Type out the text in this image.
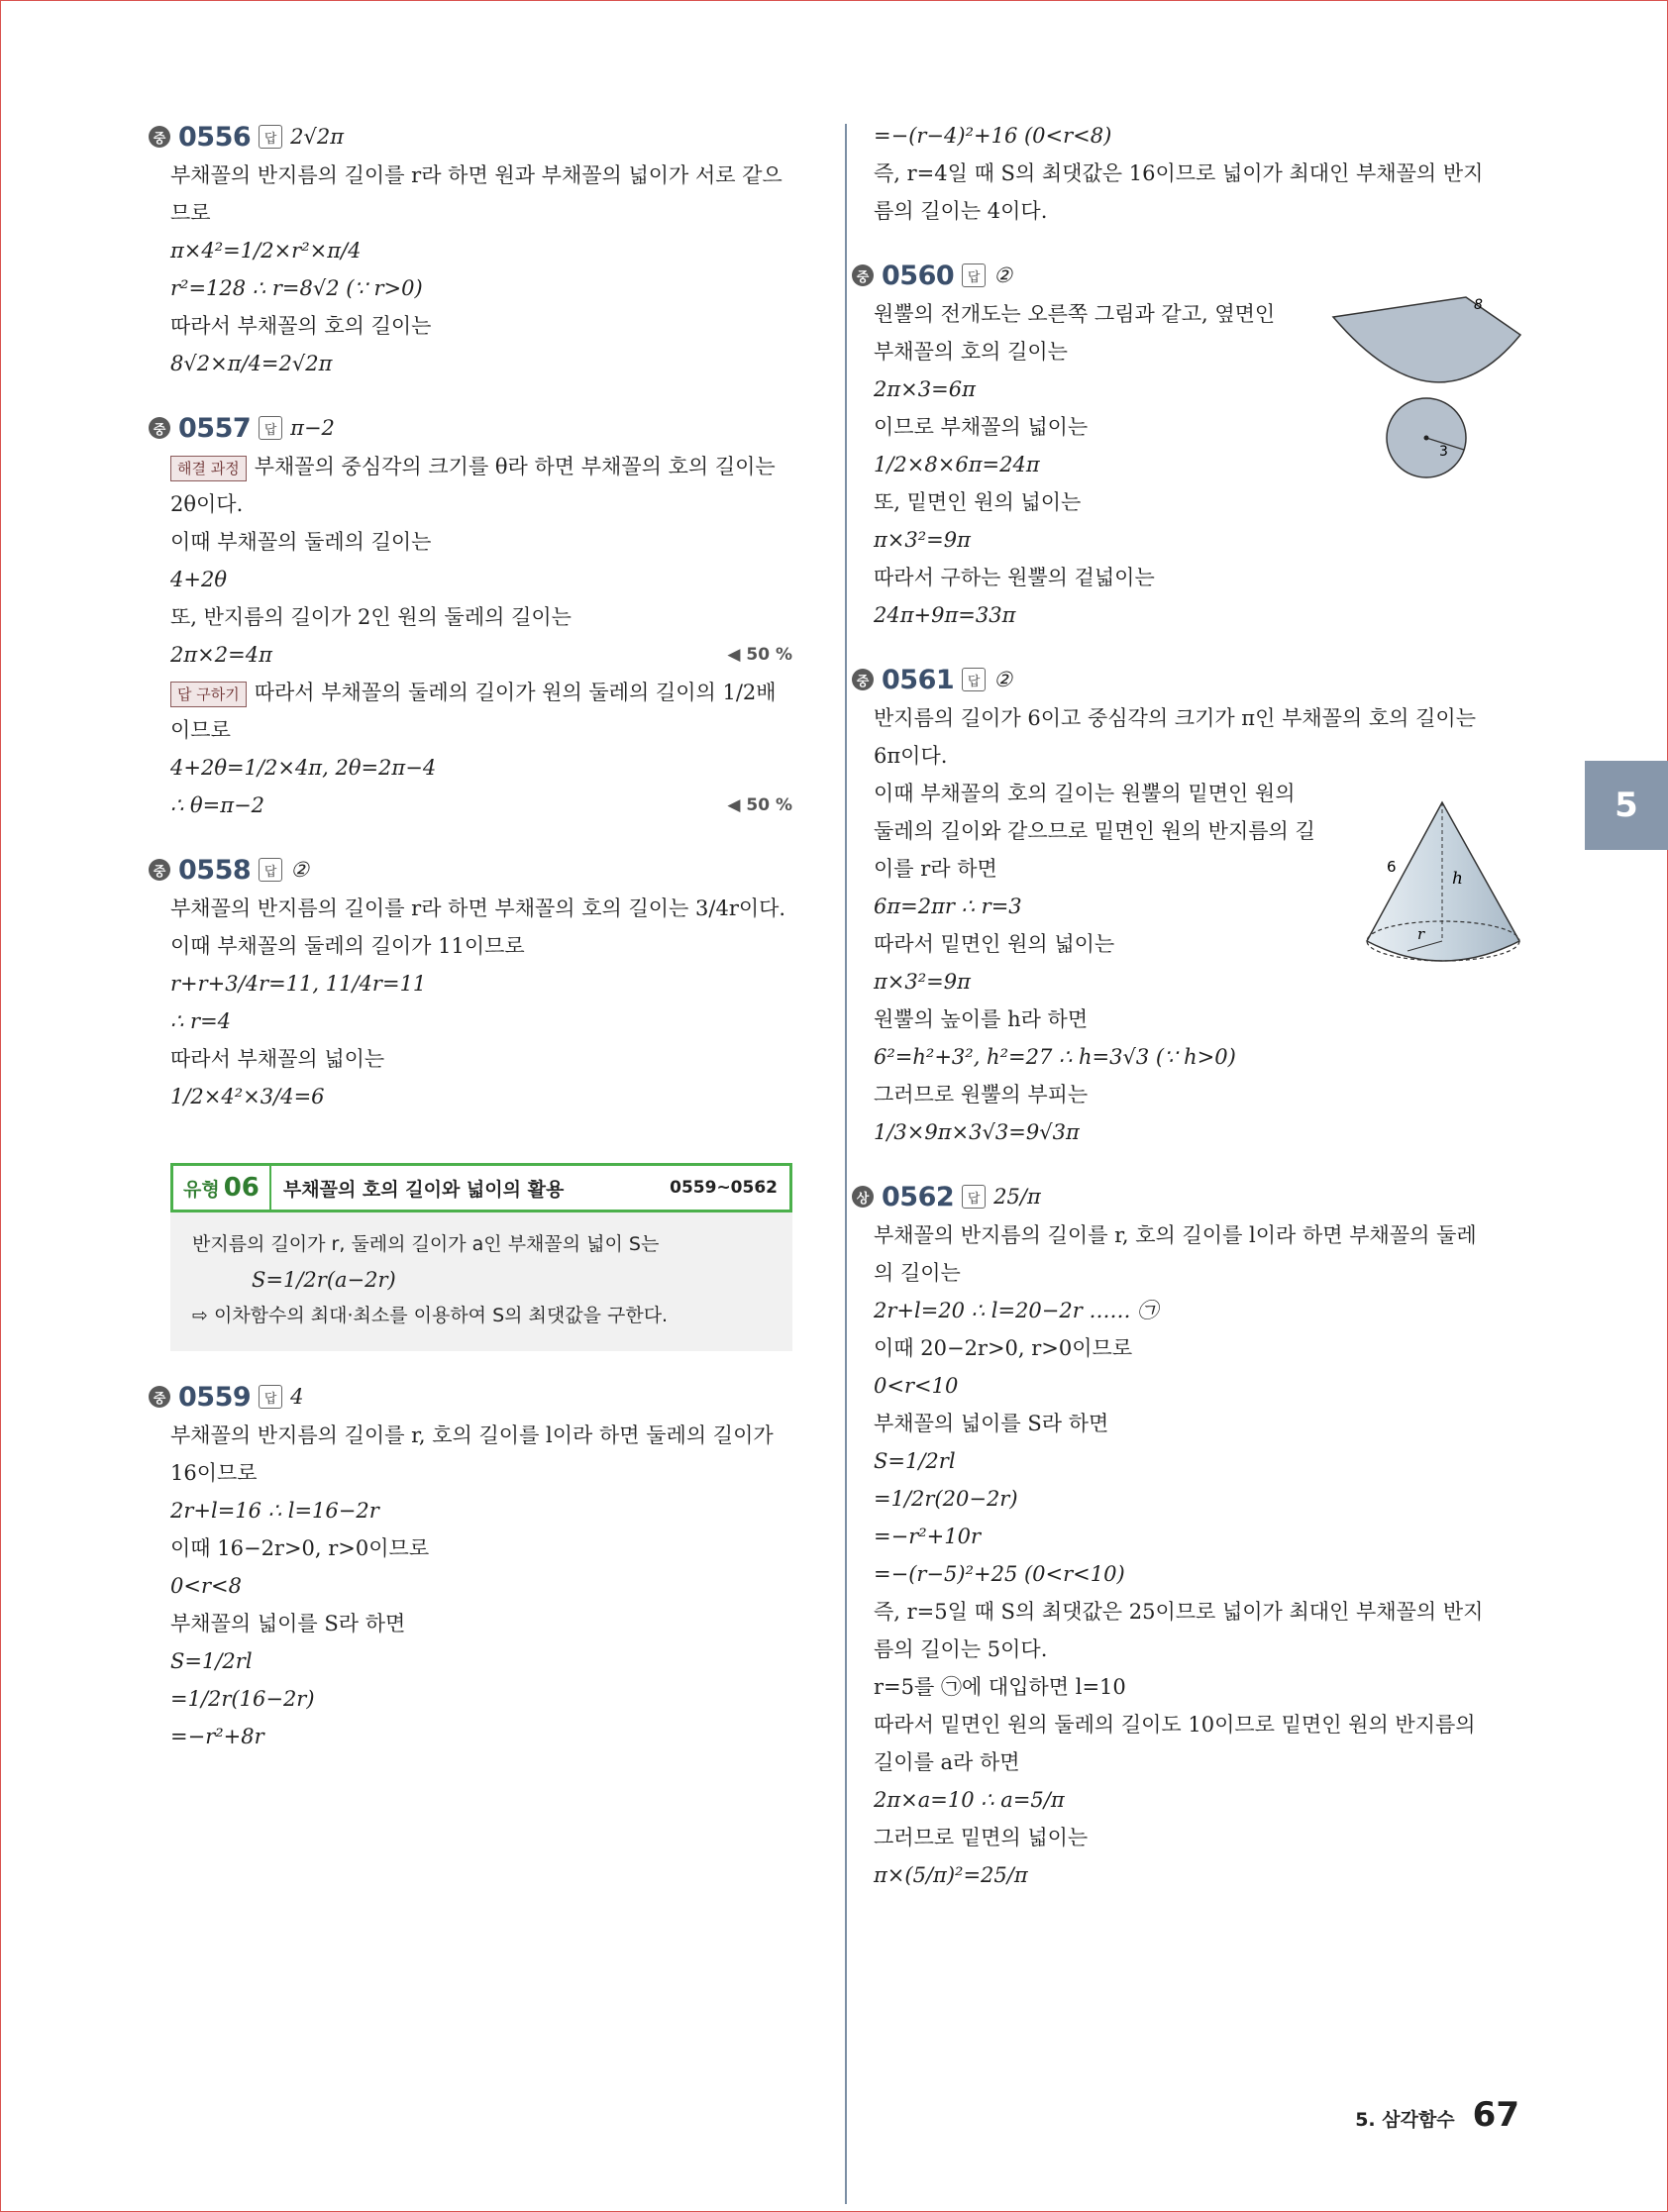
중 0556	답 2√2π
부채꼴의 반지름의 길이를 r라 하면 원과 부채꼴의 넓이가 서로 같으
므로
π×4²=1/2×r²×π/4
r²=128 ∴ r=8√2 (∵ r>0)
따라서 부채꼴의 호의 길이는
8√2×π/4=2√2π
중 0557	답 π−2
해결 과정 부채꼴의 중심각의 크기를 θ라 하면 부채꼴의 호의 길이는
2θ이다.
이때 부채꼴의 둘레의 길이는
4+2θ
또, 반지름의 길이가 2인 원의 둘레의 길이는
2π×2=4π	◀ 50 %
답 구하기 따라서 부채꼴의 둘레의 길이가 원의 둘레의 길이의 1/2배
이므로
4+2θ=1/2×4π, 2θ=2π−4
∴ θ=π−2	◀ 50 %
중 0558	답 ②
부채꼴의 반지름의 길이를 r라 하면 부채꼴의 호의 길이는 3/4r이다.
이때 부채꼴의 둘레의 길이가 11이므로
r+r+3/4r=11, 11/4r=11
∴ r=4
따라서 부채꼴의 넓이는
1/2×4²×3/4=6
유형 06	부채꼴의 호의 길이와 넓이의 활용	0559~0562
반지름의 길이가 r, 둘레의 길이가 a인 부채꼴의 넓이 S는
S=1/2r(a−2r)
⇨ 이차함수의 최대·최소를 이용하여 S의 최댓값을 구한다.
중 0559	답 4
부채꼴의 반지름의 길이를 r, 호의 길이를 l이라 하면 둘레의 길이가
16이므로
2r+l=16 ∴ l=16−2r
이때 16−2r>0, r>0이므로
0<r<8
부채꼴의 넓이를 S라 하면
S=1/2rl
=1/2r(16−2r)
=−r²+8r
=−(r−4)²+16 (0<r<8)
즉, r=4일 때 S의 최댓값은 16이므로 넓이가 최대인 부채꼴의 반지
름의 길이는 4이다.
중 0560	답 ②
원뿔의 전개도는 오른쪽 그림과 같고, 옆면인
부채꼴의 호의 길이는
2π×3=6π
이므로 부채꼴의 넓이는
1/2×8×6π=24π
또, 밑면인 원의 넓이는
π×3²=9π
따라서 구하는 원뿔의 겉넓이는
24π+9π=33π
중 0561	답 ②
반지름의 길이가 6이고 중심각의 크기가 π인 부채꼴의 호의 길이는
6π이다.
이때 부채꼴의 호의 길이는 원뿔의 밑면인 원의
둘레의 길이와 같으므로 밑면인 원의 반지름의 길
이를 r라 하면
6π=2πr ∴ r=3
따라서 밑면인 원의 넓이는
π×3²=9π
원뿔의 높이를 h라 하면
6²=h²+3², h²=27 ∴ h=3√3 (∵ h>0)
그러므로 원뿔의 부피는
1/3×9π×3√3=9√3π
상 0562	답 25/π
부채꼴의 반지름의 길이를 r, 호의 길이를 l이라 하면 부채꼴의 둘레
의 길이는
2r+l=20 ∴ l=20−2r …… ㉠
이때 20−2r>0, r>0이므로
0<r<10
부채꼴의 넓이를 S라 하면
S=1/2rl
=1/2r(20−2r)
=−r²+10r
=−(r−5)²+25 (0<r<10)
즉, r=5일 때 S의 최댓값은 25이므로 넓이가 최대인 부채꼴의 반지
름의 길이는 5이다.
r=5를 ㉠에 대입하면 l=10
따라서 밑면인 원의 둘레의 길이도 10이므로 밑면인 원의 반지름의
길이를 a라 하면
2π×a=10 ∴ a=5/π
그러므로 밑면의 넓이는
π×(5/π)²=25/π
8
3
6
h
r
5
5. 삼각함수 67
